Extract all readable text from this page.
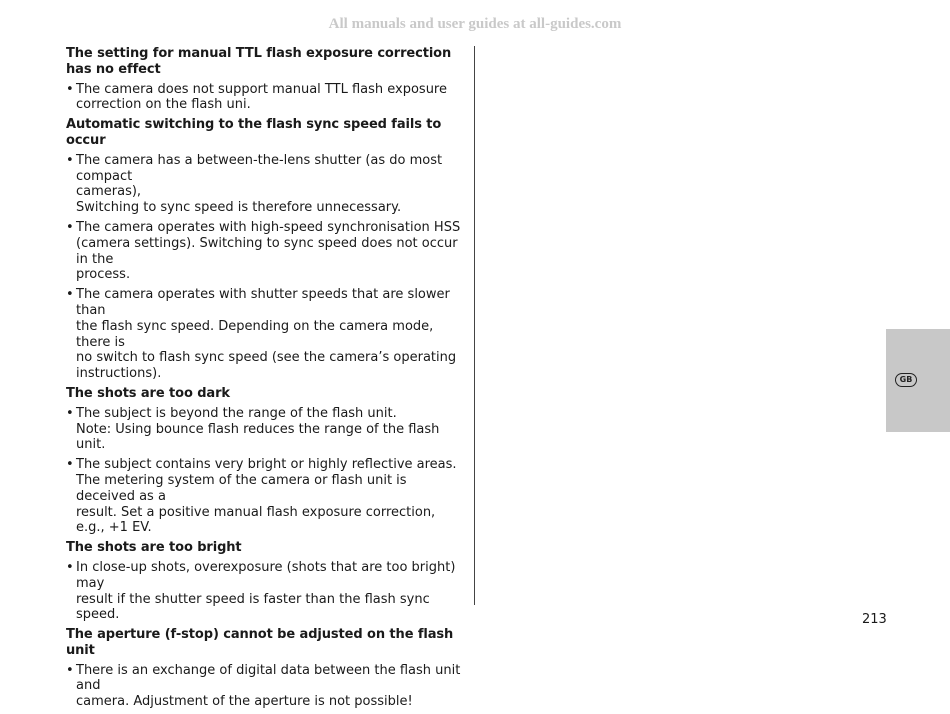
All manuals and user guides at all-guides.com
The setting for manual TTL flash exposure correction has no effect
• The camera does not support manual TTL flash exposure
correction on the flash uni.
Automatic switching to the flash sync speed fails to occur
• The camera has a between-the-lens shutter (as do most compact
cameras),
Switching to sync speed is therefore unnecessary.
• The camera operates with high-speed synchronisation HSS
(camera settings). Switching to sync speed does not occur in the
process.
• The camera operates with shutter speeds that are slower than
the flash sync speed. Depending on the camera mode, there is
no switch to flash sync speed (see the camera’s operating
instructions).
The shots are too dark
• The subject is beyond the range of the flash unit.
Note: Using bounce flash reduces the range of the flash unit.
• The subject contains very bright or highly reflective areas.
The metering system of the camera or flash unit is deceived as a
result. Set a positive manual flash exposure correction, e.g., +1 EV.
The shots are too bright
• In close-up shots, overexposure (shots that are too bright) may
result if the shutter speed is faster than the flash sync speed.
The aperture (f-stop) cannot be adjusted on the flash unit
• There is an exchange of digital data between the flash unit and
camera. Adjustment of the aperture is not possible!
GB
213
